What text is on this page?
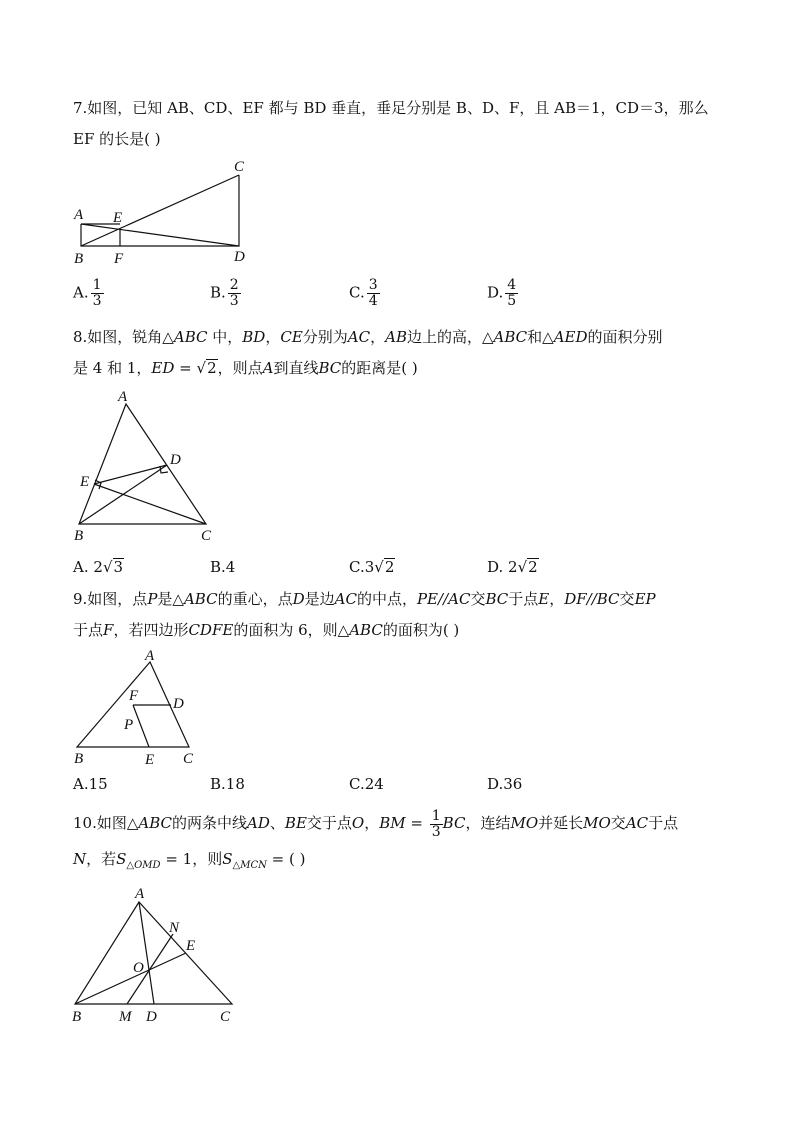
7.如图，已知 AB、CD、EF 都与 BD 垂直，垂足分别是 B、D、F，且 AB＝1，CD＝3，那么
EF 的长是( )
C
A E
B F	D
A. $\frac{1}{3}$	B. $\frac{2}{3}$	C. $\frac{3}{4}$	D. $\frac{4}{5}$
8.如图，锐角△ABC 中，BD，CE分别为AC，AB边上的高，△ABC和△AED的面积分别
是 4 和 1，ED = √2，则点A到直线BC的距离是( )
A
D
E
B	C
A. 2√3	B.4	C.3√2	D. 2√2
9.如图，点P是△ABC的重心，点D是边AC的中点，PE//AC交BC于点E，DF//BC交EP
于点F，若四边形CDFE的面积为 6，则△ABC的面积为( )
A
F D
P
B	E C
A.15	B.18	C.24	D.36
10.如图△ABC的两条中线AD、BE交于点O，BM = $\frac{1}{3}$ BC，连结MO并延长MO交AC于点
N，若$S_{\triangle OMD} = 1$，则$S_{\triangle MCN}$ = ( )
A
N
E
O
B	M D	C
